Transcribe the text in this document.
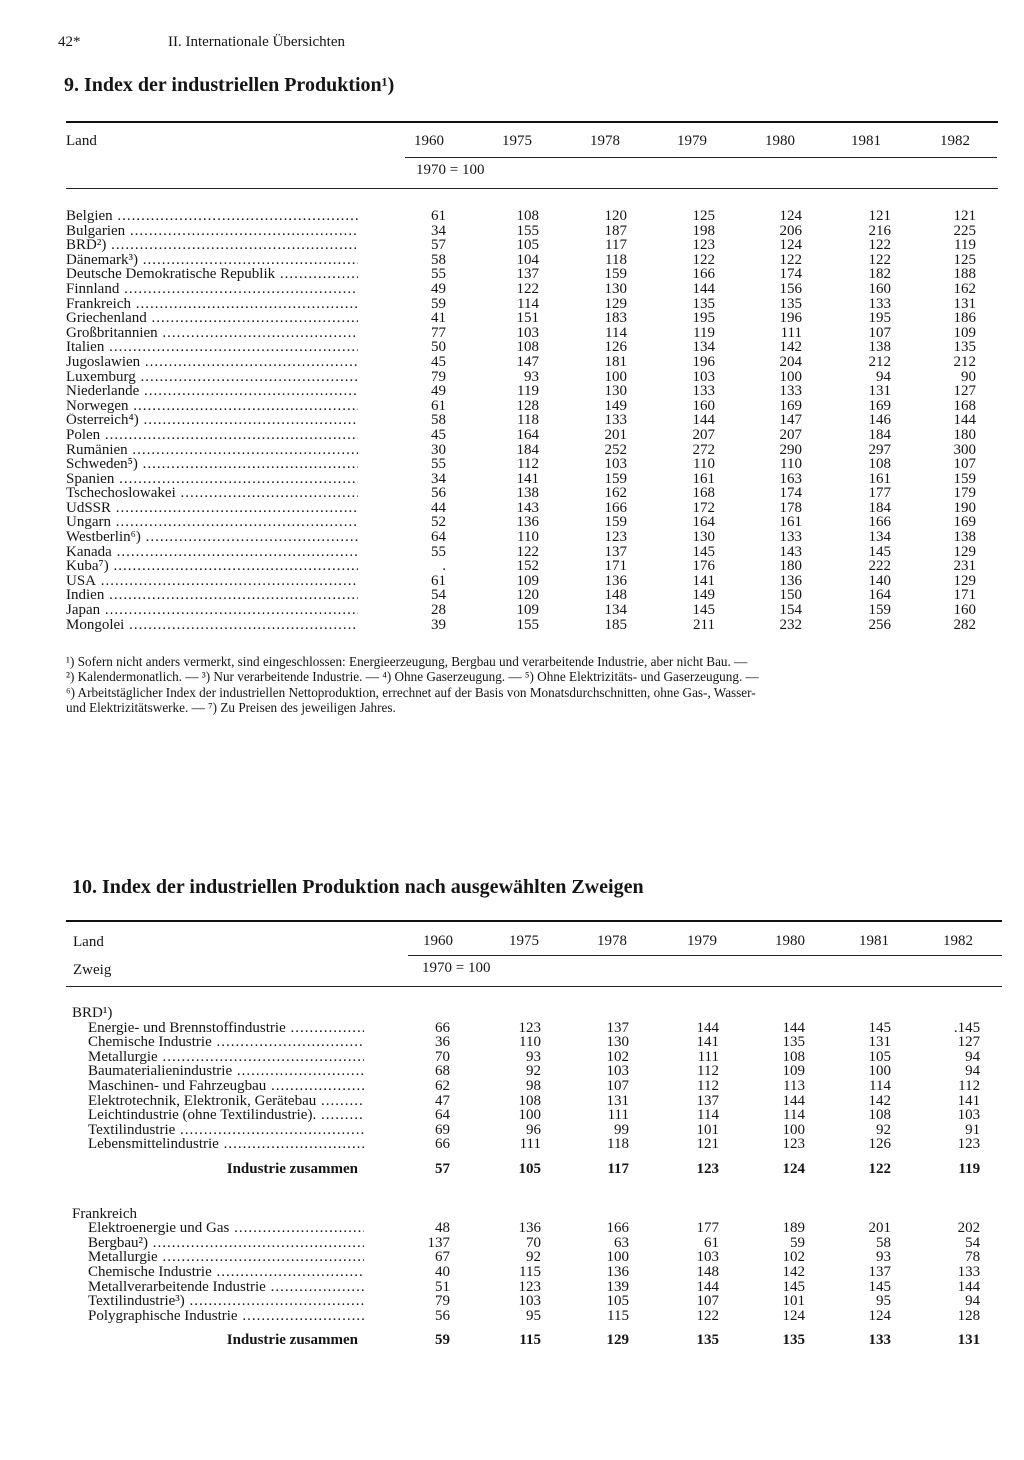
42*	II. Internationale Übersichten
9. Index der industriellen Produktion¹)
Land	1960	1975	1978	1979	1980	1981	1982
1970 = 100
Belgien .....	61	108	120	125	124	121	121
Bulgarien .....	34	155	187	198	206	216	225
BRD²) .....	57	105	117	123	124	122	119
Dänemark³) .....	58	104	118	122	122	122	125
Deutsche Demokratische Republik .....	55	137	159	166	174	182	188
Finnland .....	49	122	130	144	156	160	162
Frankreich .....	59	114	129	135	135	133	131
Griechenland .....	41	151	183	195	196	195	186
Großbritannien .....	77	103	114	119	111	107	109
Italien .....	50	108	126	134	142	138	135
Jugoslawien .....	45	147	181	196	204	212	212
Luxemburg .....	79	93	100	103	100	94	90
Niederlande .....	49	119	130	133	133	131	127
Norwegen .....	61	128	149	160	169	169	168
Österreich⁴) .....	58	118	133	144	147	146	144
Polen .....	45	164	201	207	207	184	180
Rumänien .....	30	184	252	272	290	297	300
Schweden⁵) .....	55	112	103	110	110	108	107
Spanien .....	34	141	159	161	163	161	159
Tschechoslowakei .....	56	138	162	168	174	177	179
UdSSR .....	44	143	166	172	178	184	190
Ungarn .....	52	136	159	164	161	166	169
Westberlin⁶) .....	64	110	123	130	133	134	138
Kanada .....	55	122	137	145	143	145	129
Kuba⁷) .....	.	152	171	176	180	222	231
USA .....	61	109	136	141	136	140	129
Indien .....	54	120	148	149	150	164	171
Japan .....	28	109	134	145	154	159	160
Mongolei .....	39	155	185	211	232	256	282

¹) Sofern nicht anders vermerkt, sind eingeschlossen: Energieerzeugung, Bergbau und verarbeitende Industrie, aber nicht Bau. —

²) Kalendermonatlich. — ³) Nur verarbeitende Industrie. — ⁴) Ohne Gaserzeugung. — ⁵) Ohne Elektrizitäts- und Gaserzeugung. —

⁶) Arbeitstäglicher Index der industriellen Nettoproduktion, errechnet auf der Basis von Monatsdurchschnitten, ohne Gas-, Wasser-

und Elektrizitätswerke. — ⁷) Zu Preisen des jeweiligen Jahres.

10. Index der industriellen Produktion nach ausgewählten Zweigen
Land
Zweig
1960	1975	1978	1979	1980	1981	1982
1970 = 100
BRD¹)							
Energie- und Brennstoffindustrie .....	66	123	137	144	144	145	.145
Chemische Industrie .....	36	110	130	141	135	131	127
Metallurgie .....	70	93	102	111	108	105	94
Baumaterialienindustrie .....	68	92	103	112	109	100	94
Maschinen- und Fahrzeugbau .....	62	98	107	112	113	114	112
Elektrotechnik, Elektronik, Gerätebau .....	47	108	131	137	144	142	141
Leichtindustrie (ohne Textilindustrie). .....	64	100	111	114	114	108	103
Textilindustrie .....	69	96	99	101	100	92	91
Lebensmittelindustrie .....	66	111	118	121	123	126	123

Industrie zusammen	57	105	117	123	124	122	119

Frankreich							
Elektroenergie und Gas .....	48	136	166	177	189	201	202
Bergbau²) .....	137	70	63	61	59	58	54
Metallurgie .....	67	92	100	103	102	93	78
Chemische Industrie .....	40	115	136	148	142	137	133
Metallverarbeitende Industrie .....	51	123	139	144	145	145	144
Textilindustrie³) .....	79	103	105	107	101	95	94
Polygraphische Industrie .....	56	95	115	122	124	124	128

Industrie zusammen	59	115	129	135	135	133	131
